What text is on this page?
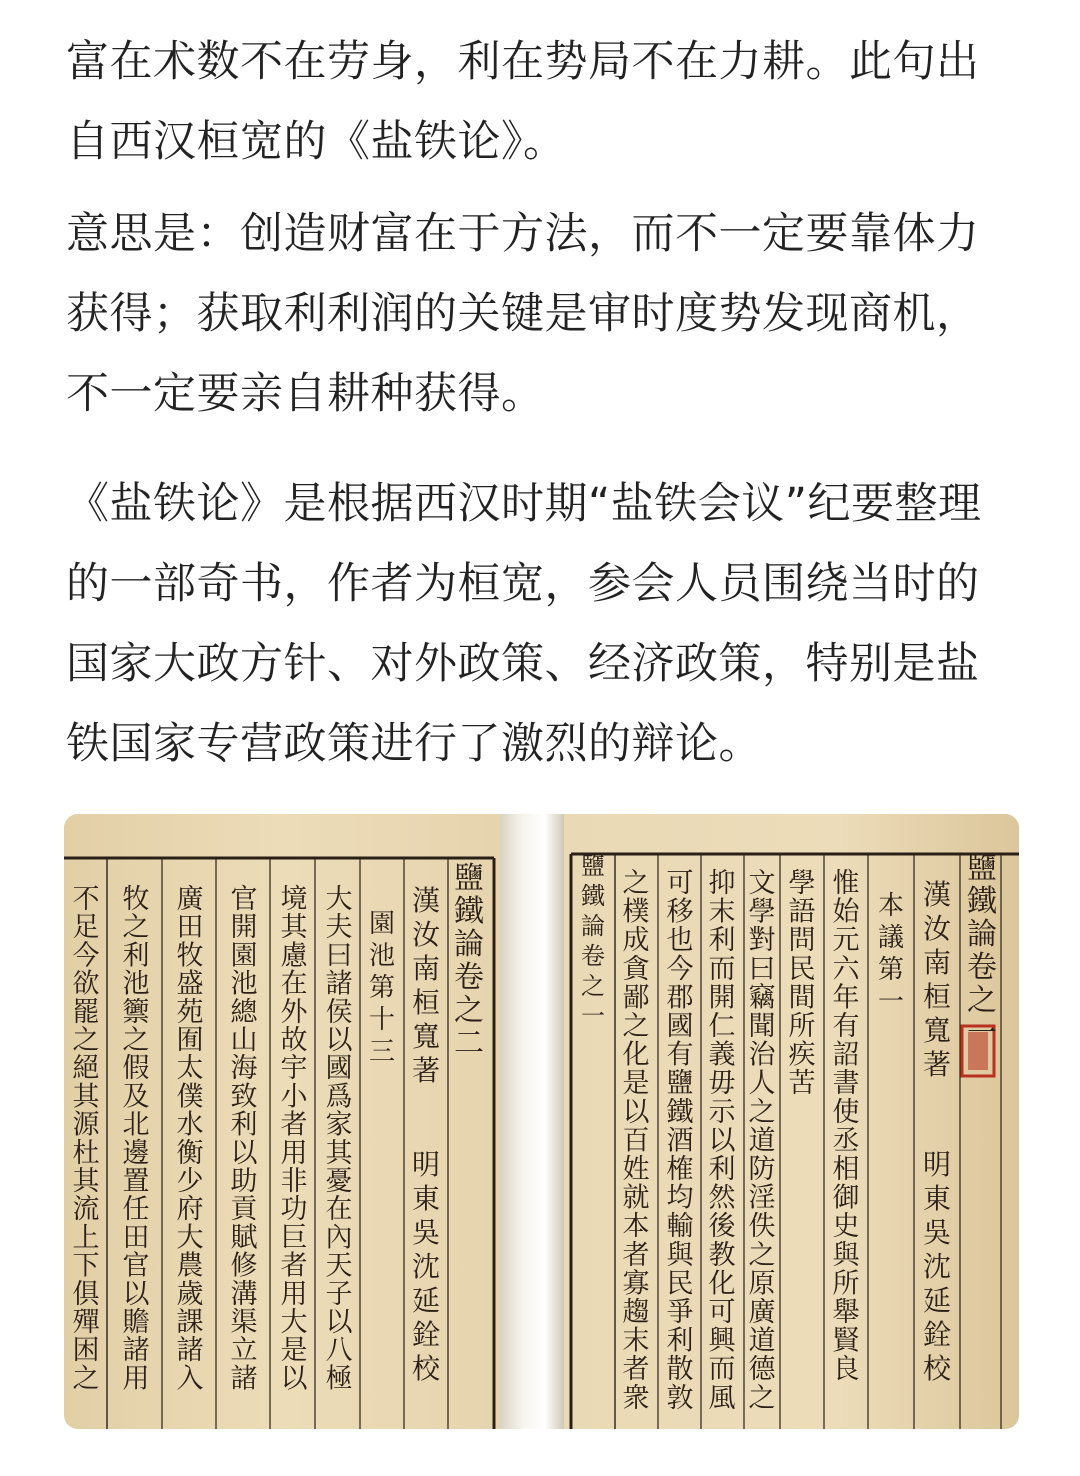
富在术数不在劳身，利在势局不在力耕。此句出自西汉桓宽的《盐铁论》。

意思是：创造财富在于方法，而不一定要靠体力获得；获取利利润的关键是审时度势发现商机，不一定要亲自耕种获得。

《盐铁论》是根据西汉时期“盐铁会议”纪要整理的一部奇书，作者为桓宽，参会人员围绕当时的国家大政方针、对外政策、经济政策，特别是盐铁国家专营政策进行了激烈的辩论。

鹽鐵論卷之二
漢汝南桓寬著
明東吳沈延銓校
園池第十三
大夫曰諸侯以國爲家其憂在內天子以八極
境其慮在外故宇小者用非功巨者用大是以
官開園池總山海致利以助貢賦修溝渠立諸
廣田牧盛苑囿太僕水衡少府大農歲課諸入
牧之利池籞之假及北邊置任田官以贍諸用
不足今欲罷之絕其源杜其流上下俱殫困之
鹽鐵論卷之一
漢汝南桓寬著
明東吳沈延銓校
本議第一
惟始元六年有詔書使丞相御史與所舉賢良
學語問民間所疾苦
文學對曰竊聞治人之道防淫佚之原廣道德之
抑末利而開仁義毋示以利然後教化可興而風
可移也今郡國有鹽鐵酒榷均輸與民爭利散敦
之樸成貪鄙之化是以百姓就本者寡趨末者衆
鹽鐵論卷之一
